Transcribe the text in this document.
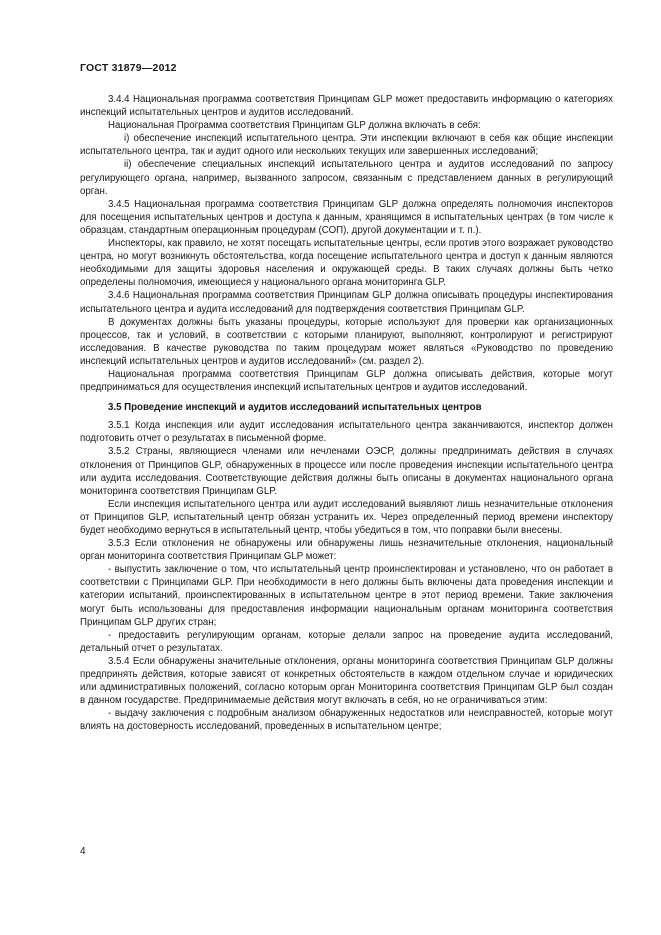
ГОСТ 31879—2012

3.4.4 Национальная программа соответствия Принципам GLP может предоставить информацию о категориях инспекций испытательных центров и аудитов исследований.

Национальная Программа соответствия Принципам GLP должна включать в себя:

i) обеспечение инспекций испытательного центра. Эти инспекции включают в себя как общие инспекции испытательного центра, так и аудит одного или нескольких текущих или завершенных исследований;

ii) обеспечение специальных инспекций испытательного центра и аудитов исследований по запросу регулирующего органа, например, вызванного запросом, связанным с представлением данных в регулирующий орган.

3.4.5 Национальная программа соответствия Принципам GLP должна определять полномочия инспекторов для посещения испытательных центров и доступа к данным, хранящимся в испытательных центрах (в том числе к образцам, стандартным операционным процедурам (СОП), другой документации и т. п.).

Инспекторы, как правило, не хотят посещать испытательные центры, если против этого возражает руководство центра, но могут возникнуть обстоятельства, когда посещение испытательного центра и доступ к данным являются необходимыми для защиты здоровья населения и окружающей среды. В таких случаях должны быть четко определены полномочия, имеющиеся у национального органа мониторинга GLP.

3.4.6 Национальная программа соответствия Принципам GLP должна описывать процедуры инспектирования испытательного центра и аудита исследований для подтверждения соответствия Принципам GLP.

В документах должны быть указаны процедуры, которые используют для проверки как организационных процессов, так и условий, в соответствии с которыми планируют, выполняют, контролируют и регистрируют исследования. В качестве руководства по таким процедурам может являться «Руководство по проведению инспекций испытательных центров и аудитов исследований» (см. раздел 2).

Национальная программа соответствия Принципам GLP должна описывать действия, которые могут предприниматься для осуществления инспекций испытательных центров и аудитов исследований.

3.5 Проведение инспекций и аудитов исследований испытательных центров

3.5.1 Когда инспекция или аудит исследования испытательного центра заканчиваются, инспектор должен подготовить отчет о результатах в письменной форме.

3.5.2 Страны, являющиеся членами или нечленами ОЭСР, должны предпринимать действия в случаях отклонения от Принципов GLP, обнаруженных в процессе или после проведения инспекции испытательного центра или аудита исследования. Соответствующие действия должны быть описаны в документах национального органа мониторинга соответствия Принципам GLP.

Если инспекция испытательного центра или аудит исследований выявляют лишь незначительные отклонения от Принципов GLP, испытательный центр обязан устранить их. Через определенный период времени инспектору будет необходимо вернуться в испытательный центр, чтобы убедиться в том, что поправки были внесены.

3.5.3 Если отклонения не обнаружены или обнаружены лишь незначительные отклонения, национальный орган мониторинга соответствия Принципам GLP может:

- выпустить заключение о том, что испытательный центр проинспектирован и установлено, что он работает в соответствии с Принципами GLP. При необходимости в него должны быть включены дата проведения инспекции и категории испытаний, проинспектированных в испытательном центре в этот период времени. Такие заключения могут быть использованы для предоставления информации национальным органам мониторинга соответствия Принципам GLP других стран;

- предоставить регулирующим органам, которые делали запрос на проведение аудита исследований, детальный отчет о результатах.

3.5.4 Если обнаружены значительные отклонения, органы мониторинга соответствия Принципам GLP должны предпринять действия, которые зависят от конкретных обстоятельств в каждом отдельном случае и юридических или административных положений, согласно которым орган Мониторинга соответствия Принципам GLP был создан в данном государстве. Предпринимаемые действия могут включать в себя, но не ограничиваться этим:

- выдачу заключения с подробным анализом обнаруженных недостатков или неисправностей, которые могут влиять на достоверность исследований, проведенных в испытательном центре;

4
